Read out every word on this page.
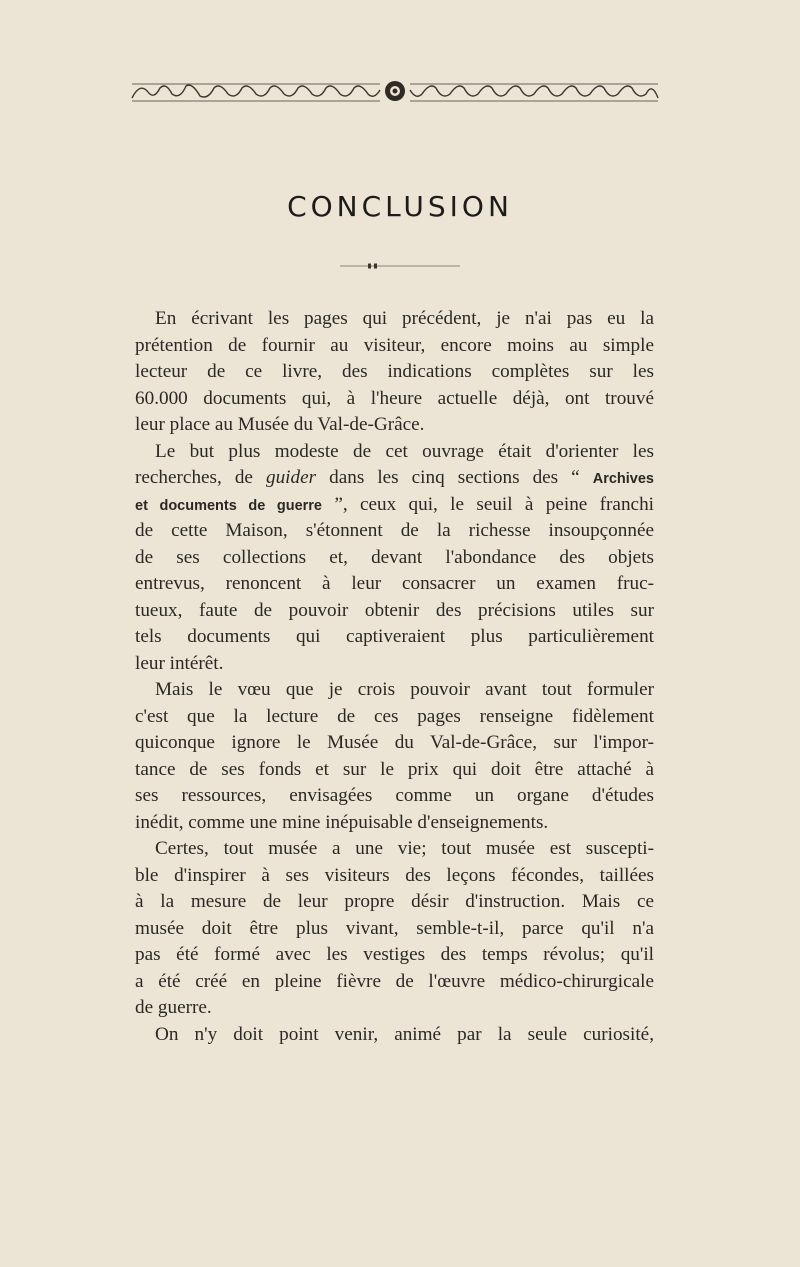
CONCLUSION
En écrivant les pages qui précédent, je n'ai pas eu la
prétention de fournir au visiteur, encore moins au simple
lecteur de ce livre, des indications complètes sur les
60.000 documents qui, à l'heure actuelle déjà, ont trouvé
leur place au Musée du Val-de-Grâce.
Le but plus modeste de cet ouvrage était d'orienter les
recherches, de guider dans les cinq sections des “ Archives
et documents de guerre ”, ceux qui, le seuil à peine franchi
de cette Maison, s'étonnent de la richesse insoupçonnée
de ses collections et, devant l'abondance des objets
entrevus, renoncent à leur consacrer un examen fruc-
tueux, faute de pouvoir obtenir des précisions utiles sur
tels documents qui captiveraient plus particulièrement
leur intérêt.
Mais le vœu que je crois pouvoir avant tout formuler
c'est que la lecture de ces pages renseigne fidèlement
quiconque ignore le Musée du Val-de-Grâce, sur l'impor-
tance de ses fonds et sur le prix qui doit être attaché à
ses ressources, envisagées comme un organe d'études
inédit, comme une mine inépuisable d'enseignements.
Certes, tout musée a une vie; tout musée est suscepti-
ble d'inspirer à ses visiteurs des leçons fécondes, taillées
à la mesure de leur propre désir d'instruction. Mais ce
musée doit être plus vivant, semble-t-il, parce qu'il n'a
pas été formé avec les vestiges des temps révolus; qu'il
a été créé en pleine fièvre de l'œuvre médico-chirurgicale
de guerre.
On n'y doit point venir, animé par la seule curiosité,
